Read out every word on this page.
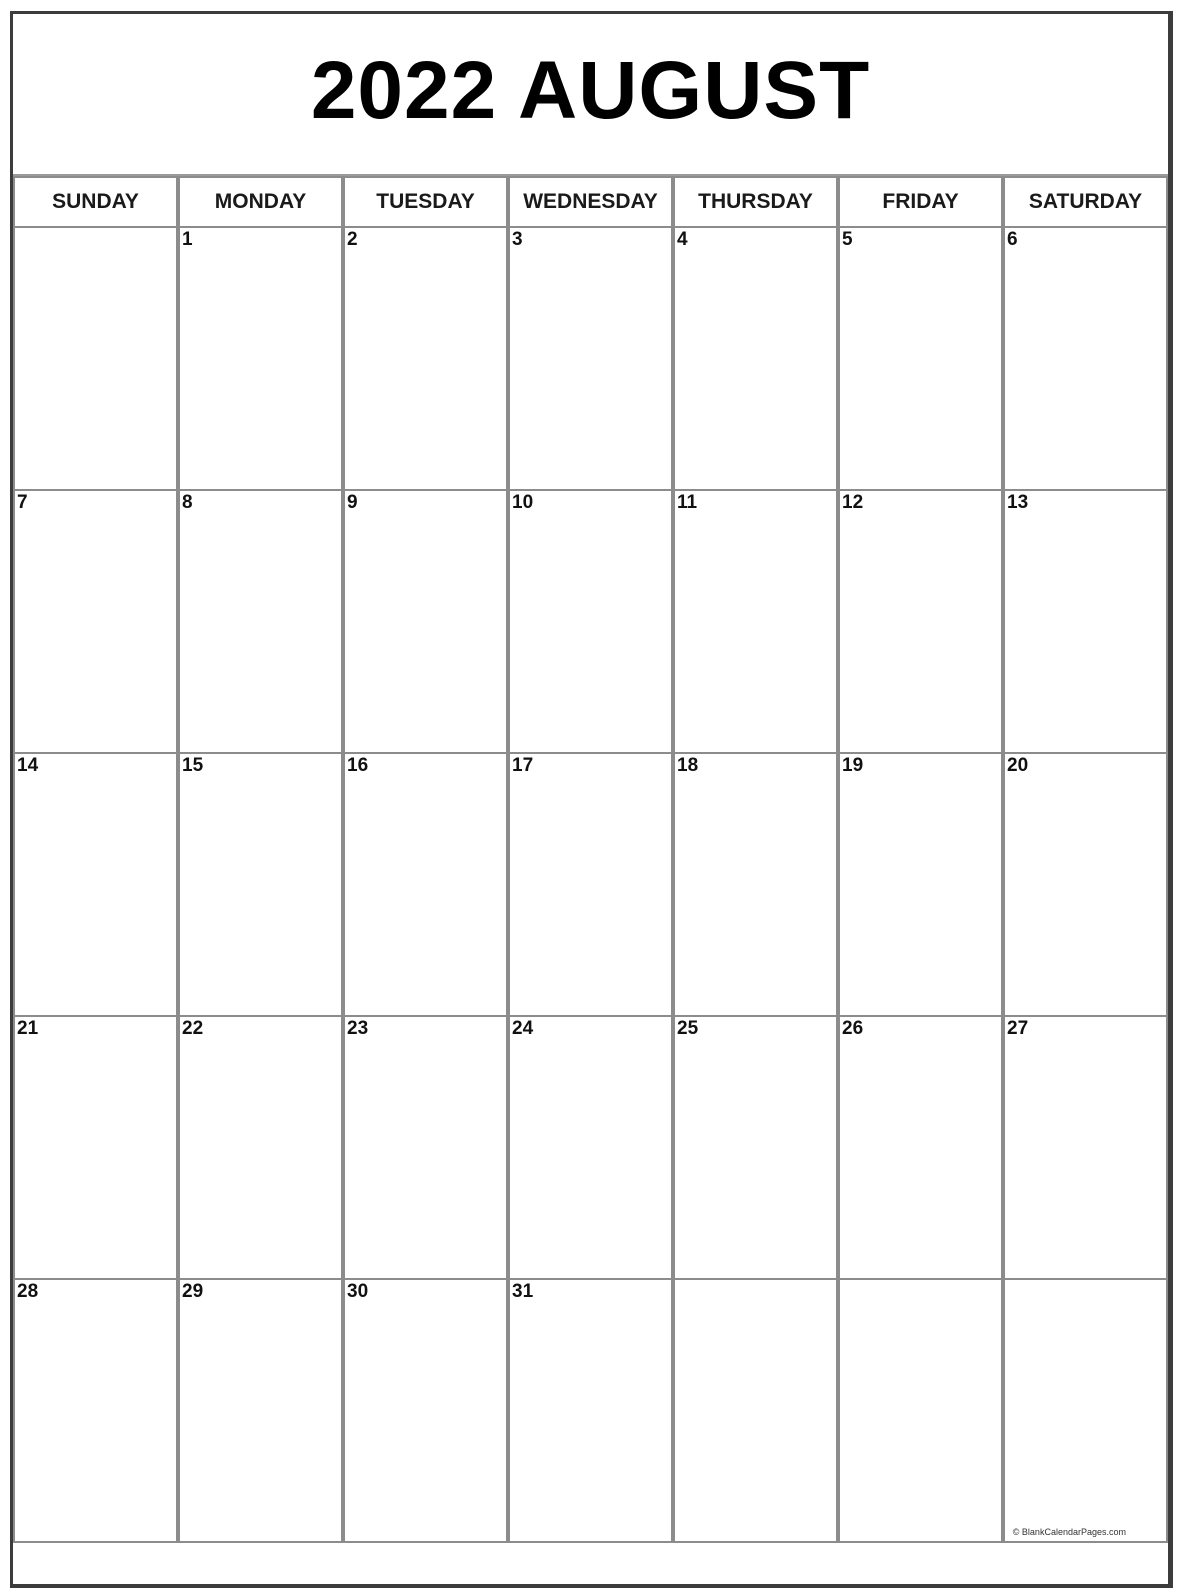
2022 AUGUST
SUNDAY	MONDAY	TUESDAY	WEDNESDAY	THURSDAY	FRIDAY	SATURDAY

	1	2	3	4	5	6

7	8	9	10	11	12	13

14	15	16	17	18	19	20

21	22	23	24	25	26	27

28	29	30	31			© BlankCalendarPages.com
